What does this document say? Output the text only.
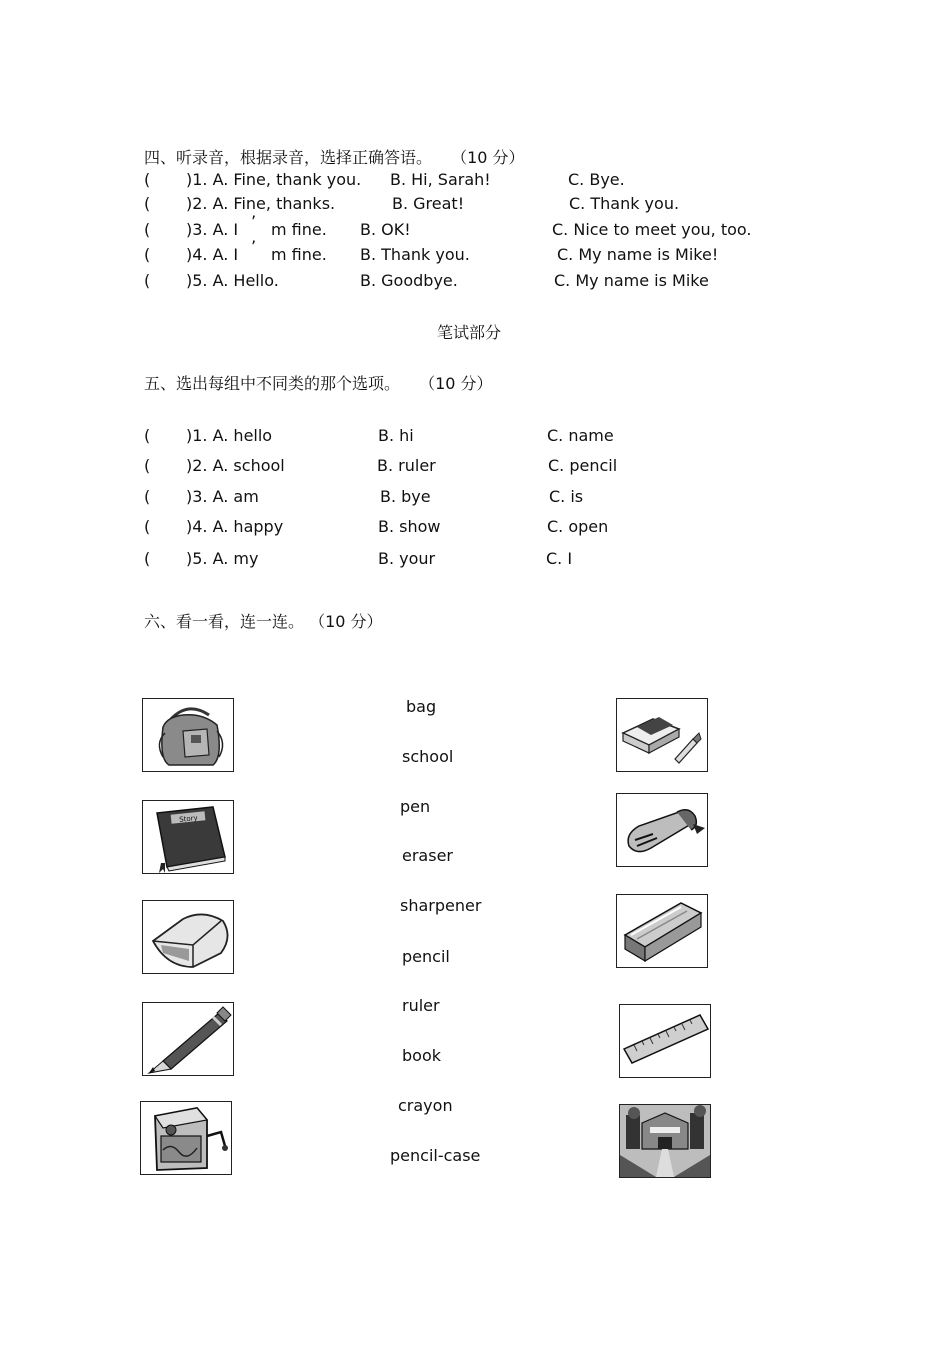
四、听录音，根据录音，选择正确答语。 （10 分）
( )1. A. Fine, thank you. B. Hi, Sarah!	C. Bye.
( )2. A. Fine, thanks.	B. Great!	C. Thank you.
( )3. A. I ’ m fine. B. OK!	C. Nice to meet you, too.
( )4. A. I ’ m fine. B. Thank you.	C. My name is Mike!
( )5. A. Hello.	B. Goodbye.	C. My name is Mike
笔试部分
五、选出每组中不同类的那个选项。 （10 分）
( )1. A. hello	B. hi	C. name
( )2. A. school	B. ruler	C. pencil
( )3. A. am	B. bye	C. is
( )4. A. happy	B. show	C. open
( )5. A. my	B. your	C. I
六、看一看，连一连。 （10 分）
bag
school
pen
eraser
sharpener
pencil
ruler
book
crayon
pencil-case
Story
